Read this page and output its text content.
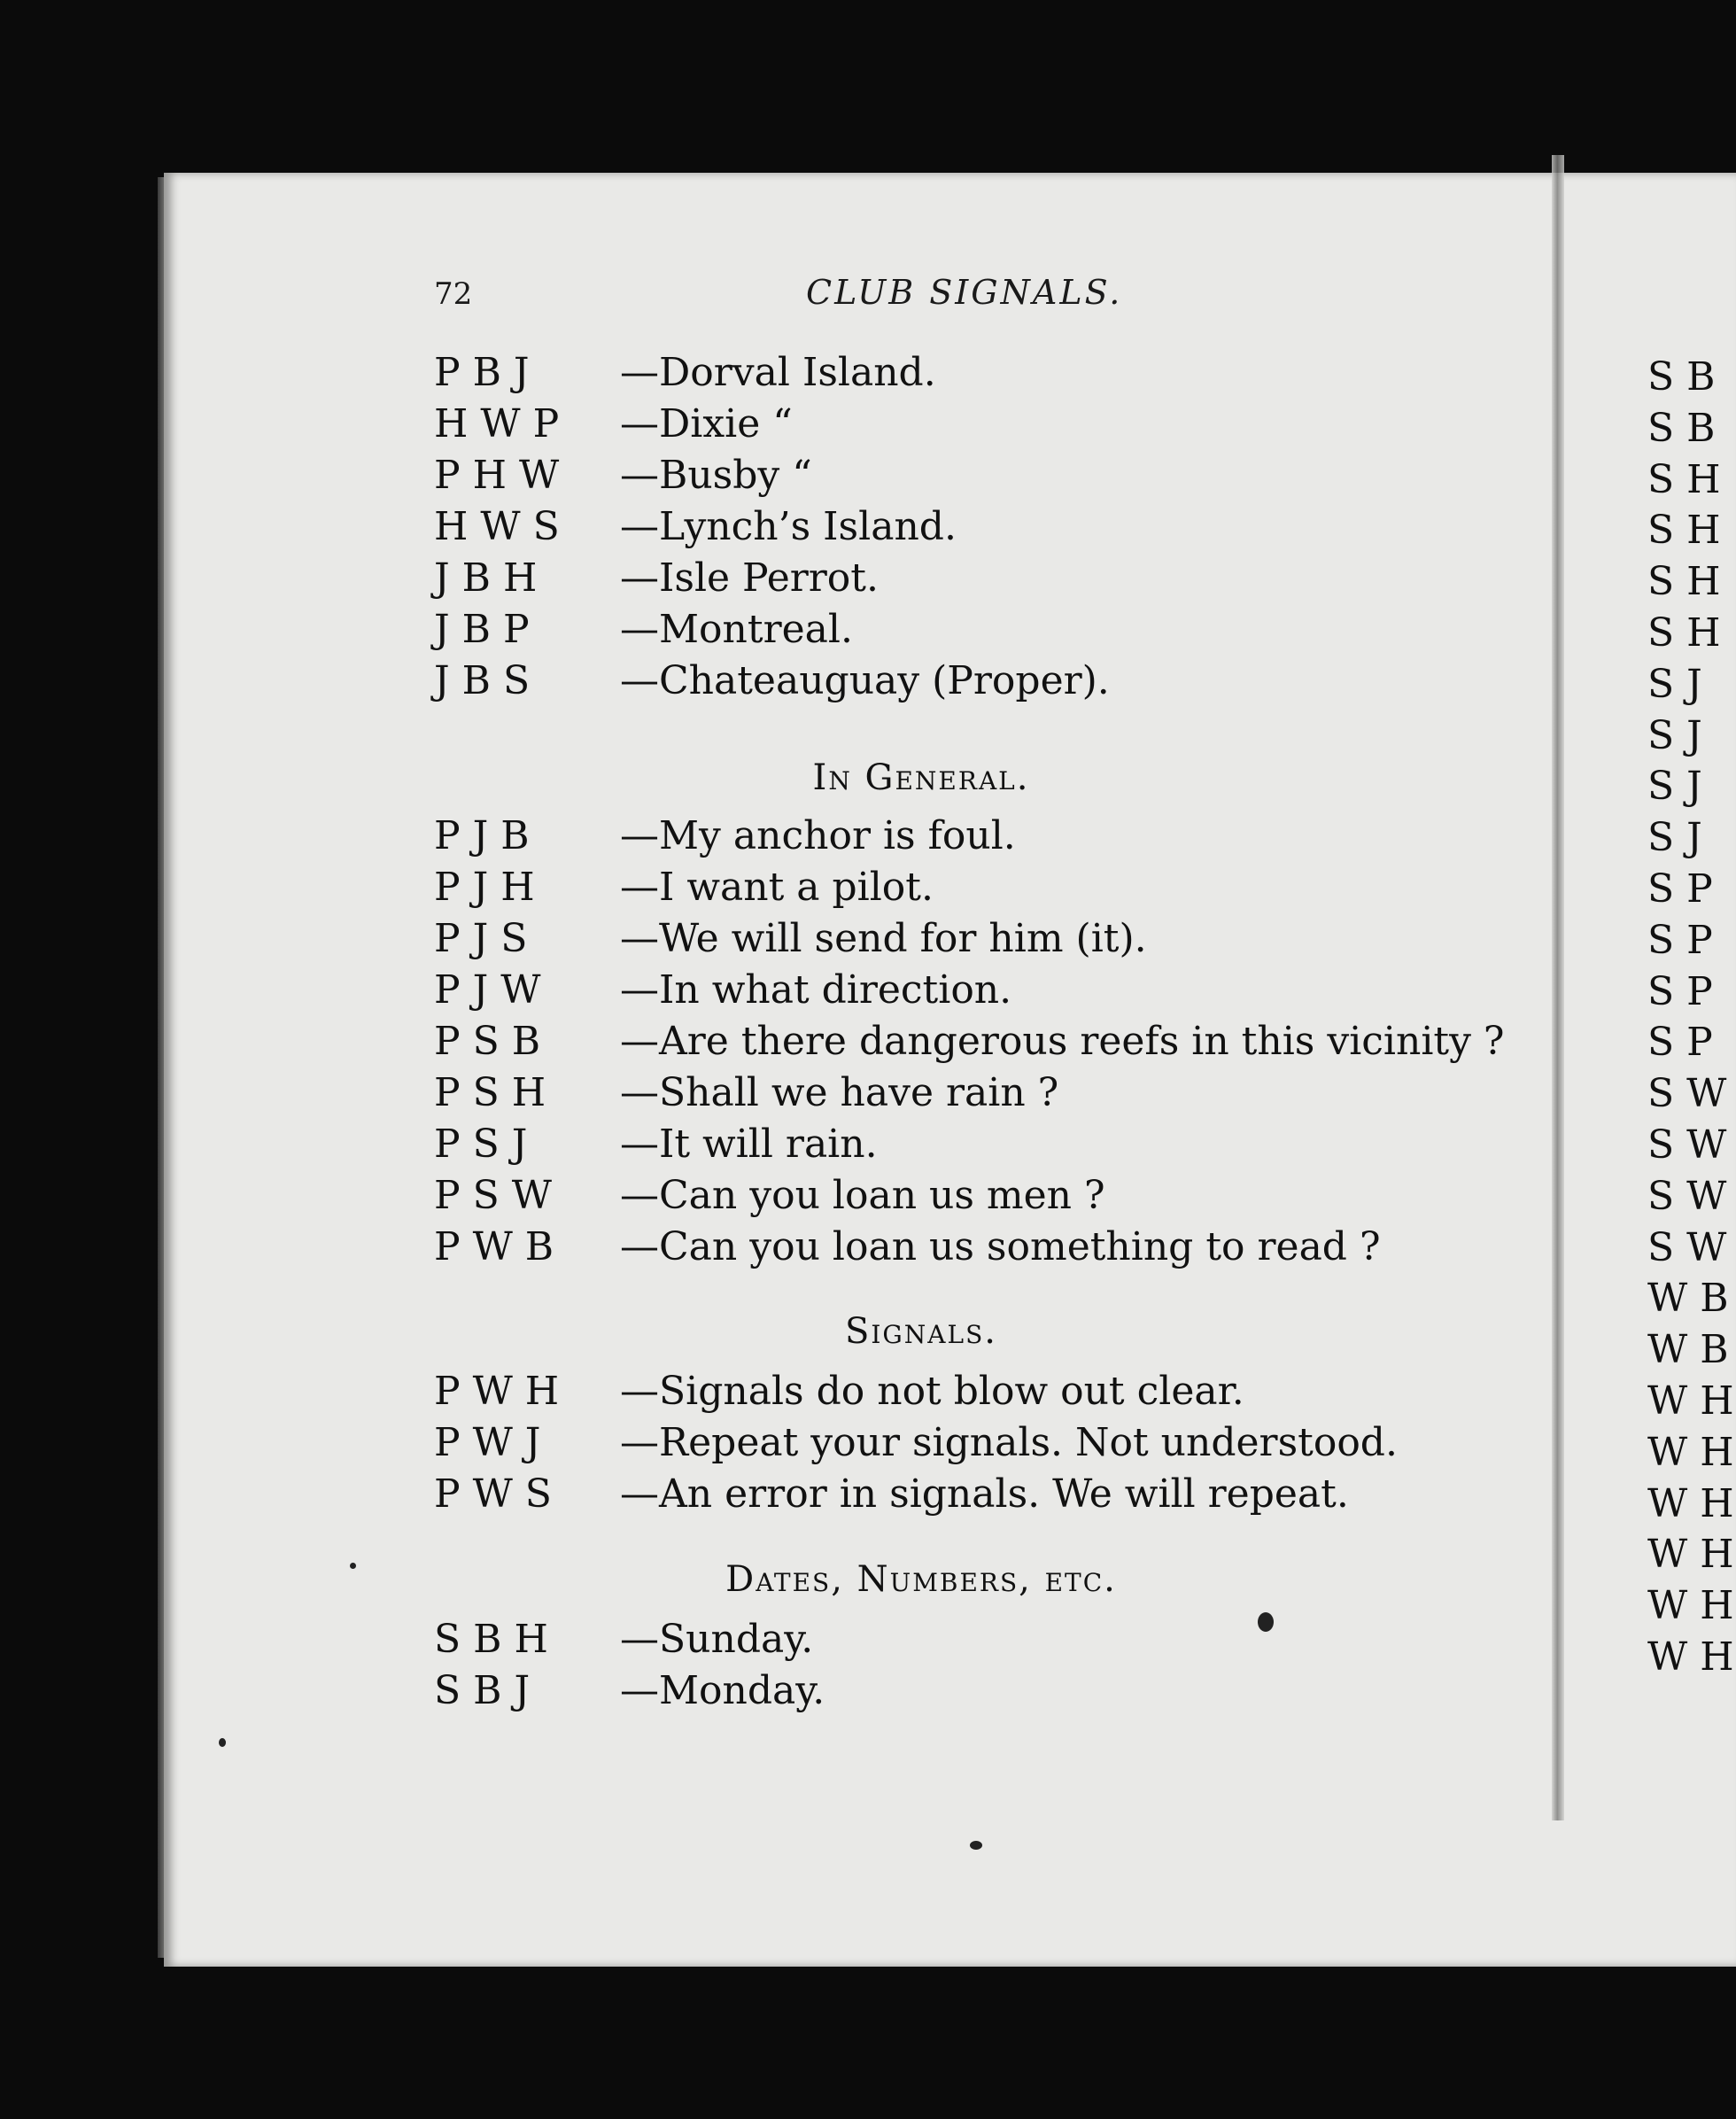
72	CLUB SIGNALS.
P B J —Dorval Island.
H W P —Dixie “
P H W —Busby “
H W S —Lynch’s Island.
J B H —Isle Perrot.
J B P —Montreal.
J B S —Chateauguay (Proper).
In General.
P J B —My anchor is foul.
P J H —I want a pilot.
P J S —We will send for him (it).
P J W —In what direction.
P S B —Are there dangerous reefs in this vicinity ?
P S H —Shall we have rain ?
P S J —It will rain.
P S W —Can you loan us men ?
P W B —Can you loan us something to read ?
Signals.
P W H —Signals do not blow out clear.
P W J —Repeat your signals. Not understood.
P W S —An error in signals. We will repeat.
Dates, Numbers, etc.
S B H —Sunday.
S B J —Monday.
S B
S B
S H
S H
S H
S H
S J
S J
S J
S J
S P
S P
S P
S P
S W
S W
S W
S W
W B
W B
W H
W H
W H
W H
W H
W H
